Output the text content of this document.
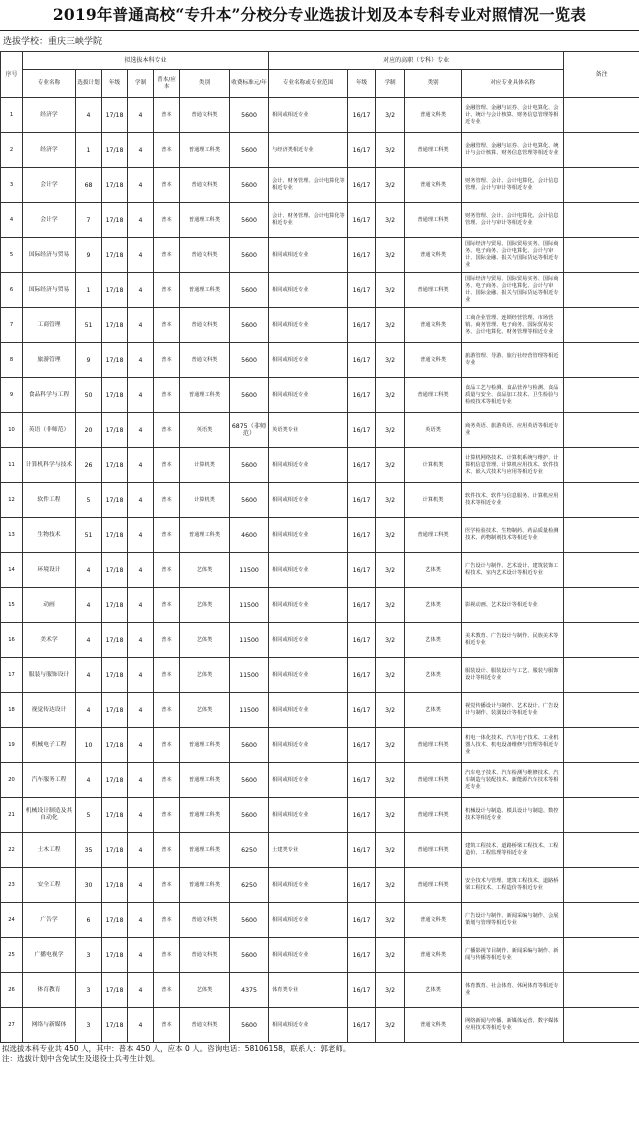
2019年普通高校“专升本”分校分专业选拔计划及本专科专业对照情况一览表
选拔学校：重庆三峡学院
序号	拟选拔本科专业							对应的高职（专科）专业					备注
	专业名称	选拔计划	年级	学制	普本/应本	类别	收费标准元/年	专业名称或专业范围	年级	学制	类别	对应专业具体名称	
1	经济学	4	17/18	4	普本	普通文科类	5600	相同或相近专业	16/17	3/2	普通文科类	金融管理、金融与证券、会计电算化、会计、统计与会计核算、财务信息管理等相近专业	
2	经济学	1	17/18	4	普本	普通理工科类	5600	与经济类相近专业	16/17	3/2	普通理工科类	金融管理、金融与证券、会计电算化、统计与会计核算、财务信息管理等相近专业	
3	会计学	68	17/18	4	普本	普通文科类	5600	会计、财务管理、会计电算化等相近专业	16/17	3/2	普通文科类	财务管理、会计、会计电算化、会计信息管理、会计与审计等相近专业	
4	会计学	7	17/18	4	普本	普通理工科类	5600	会计、财务管理、会计电算化等相近专业	16/17	3/2	普通理工科类	财务管理、会计、会计电算化、会计信息管理、会计与审计等相近专业	
5	国际经济与贸易	9	17/18	4	普本	普通文科类	5600	相同或相近专业	16/17	3/2	普通文科类	国际经济与贸易、国际贸易实务、国际商务、电子商务、会计电算化、会计与审计、国际金融、报关与国际货运等相近专业	
6	国际经济与贸易	1	17/18	4	普本	普通理工科类	5600	相同或相近专业	16/17	3/2	普通理工科类	国际经济与贸易、国际贸易实务、国际商务、电子商务、会计电算化、会计与审计、国际金融、报关与国际货运等相近专业	
7	工商管理	51	17/18	4	普本	普通文科类	5600	相同或相近专业	16/17	3/2	普通文科类	工商企业管理、连锁经营管理、市场营销、商务管理、电子商务、国际贸易实务、会计电算化、财务管理等相近专业	
8	旅游管理	9	17/18	4	普本	普通文科类	5600	相同或相近专业	16/17	3/2	普通文科类	旅游管理、导游、旅行社经营管理等相近专业	
9	食品科学与工程	50	17/18	4	普本	普通理工科类	5600	相同或相近专业	16/17	3/2	普通理工科类	食品工艺与检测、食品营养与检测、食品质量与安全、食品加工技术、卫生检验与检疫技术等相近专业	
10	英语（非师范）	20	17/18	4	普本	英语类	6875（非师范）	英语类专业	16/17	3/2	英语类	商务英语、旅游英语、应用英语等相近专业	
11	计算机科学与技术	26	17/18	4	普本	计算机类	5600	相同或相近专业	16/17	3/2	计算机类	计算机网络技术、计算机系统与维护、计算机信息管理、计算机应用技术、软件技术、嵌入式技术与应用等相近专业	
12	软件工程	5	17/18	4	普本	计算机类	5600	相同或相近专业	16/17	3/2	计算机类	软件技术、软件与信息服务、计算机应用技术等相近专业	
13	生物技术	51	17/18	4	普本	普通理工科类	4600	相同或相近专业	16/17	3/2	普通理工科类	医学检验技术、生物制药、药品质量检测技术、药物制剂技术等相近专业	
14	环境设计	4	17/18	4	普本	艺体类	11500	相同或相近专业	16/17	3/2	艺体类	广告设计与制作、艺术设计、建筑装饰工程技术、室内艺术设计等相近专业	
15	动画	4	17/18	4	普本	艺体类	11500	相同或相近专业	16/17	3/2	艺体类	影视动画、艺术设计等相近专业	
16	美术学	4	17/18	4	普本	艺体类	11500	相同或相近专业	16/17	3/2	艺体类	美术教育、广告设计与制作、民族美术等相近专业	
17	服装与服饰设计	4	17/18	4	普本	艺体类	11500	相同或相近专业	16/17	3/2	艺体类	服装设计、服装设计与工艺、服装与服饰设计等相近专业	
18	视觉传达设计	4	17/18	4	普本	艺体类	11500	相同或相近专业	16/17	3/2	艺体类	视觉传播设计与制作、艺术设计、广告设计与制作、装潢设计等相近专业	
19	机械电子工程	10	17/18	4	普本	普通理工科类	5600	相同或相近专业	16/17	3/2	普通理工科类	机电一体化技术、汽车电子技术、工业机器人技术、机电设备维修与管理等相近专业	
20	汽车服务工程	4	17/18	4	普本	普通理工科类	5600	相同或相近专业	16/17	3/2	普通理工科类	汽车电子技术、汽车检测与维修技术、汽车制造与装配技术、新能源汽车技术等相近专业	
21	机械设计制造及其自动化	5	17/18	4	普本	普通理工科类	5600	相同或相近专业	16/17	3/2	普通理工科类	机械设计与制造、模具设计与制造、数控技术等相近专业	
22	土木工程	35	17/18	4	普本	普通理工科类	6250	土建类专业	16/17	3/2	普通理工科类	建筑工程技术、道路桥梁工程技术、工程造价、工程监理等相近专业	
23	安全工程	30	17/18	4	普本	普通理工科类	6250	相同或相近专业	16/17	3/2	普通理工科类	安全技术与管理、建筑工程技术、道路桥梁工程技术、工程造价等相近专业	
24	广告学	6	17/18	4	普本	普通文科类	5600	相同或相近专业	16/17	3/2	普通文科类	广告设计与制作、新闻采编与制作、会展策划与管理等相近专业	
25	广播电视学	3	17/18	4	普本	普通文科类	5600	相同或相近专业	16/17	3/2	普通文科类	广播影视节目制作、新闻采编与制作、新闻与传播等相近专业	
26	体育教育	3	17/18	4	普本	艺体类	4375	体育类专业	16/17	3/2	艺体类	体育教育、社会体育、休闲体育等相近专业	
27	网络与新媒体	3	17/18	4	普本	普通文科类	5600	相同或相近专业	16/17	3/2	普通文科类	网络新闻与传播、新媒体运营、数字媒体应用技术等相近专业	
拟选拔本科专业共 450 人，其中：普本 450 人，应本 0 人。咨询电话：58106158，联系人：郭老师。
注：选拔计划中含免试生及退役士兵考生计划。
